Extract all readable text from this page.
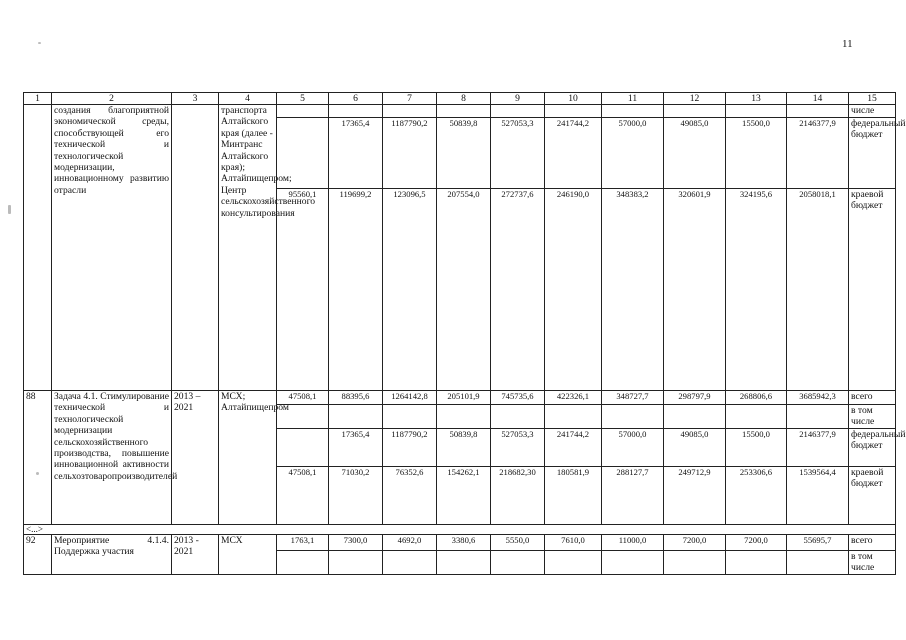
11
1	2	3	4	5	6	7	8	9	10	11	12	13	14	15
	создания благоприятной экономической среды, способствующей его технической и технологической модернизации, инновационному развитию отрасли		транспорта Алтайского края (далее - Минтранс Алтайского края); Алтайпищепром; Центр сельскохозяйственного консультирования											числе
					17365,4	1187790,2	50839,8	527053,3	241744,2	57000,0	49085,0	15500,0	2146377,9	федеральный бюджет
				95560,1	119699,2	123096,5	207554,0	272737,6	246190,0	348383,2	320601,9	324195,6	2058018,1	краевой бюджет
88	Задача 4.1. Стимулирование технической и технологической модернизации сельскохозяйственного производства, повышение инновационной активности сельхозтоваропроизводителей	2013 – 2021	МСХ; Алтайпищепром	47508,1	88395,6	1264142,8	205101,9	745735,6	422326,1	348727,7	298797,9	268806,6	3685942,3	всего
														в том числе
					17365,4	1187790,2	50839,8	527053,3	241744,2	57000,0	49085,0	15500,0	2146377,9	федеральный бюджет
				47508,1	71030,2	76352,6	154262,1	218682,30	180581,9	288127,7	249712,9	253306,6	1539564,4	краевой бюджет
<...>														
92	Мероприятие 4.1.4. Поддержка участия	2013 - 2021	МСХ	1763,1	7300,0	4692,0	3380,6	5550,0	7610,0	11000,0	7200,0	7200,0	55695,7	всего
														в том числе
